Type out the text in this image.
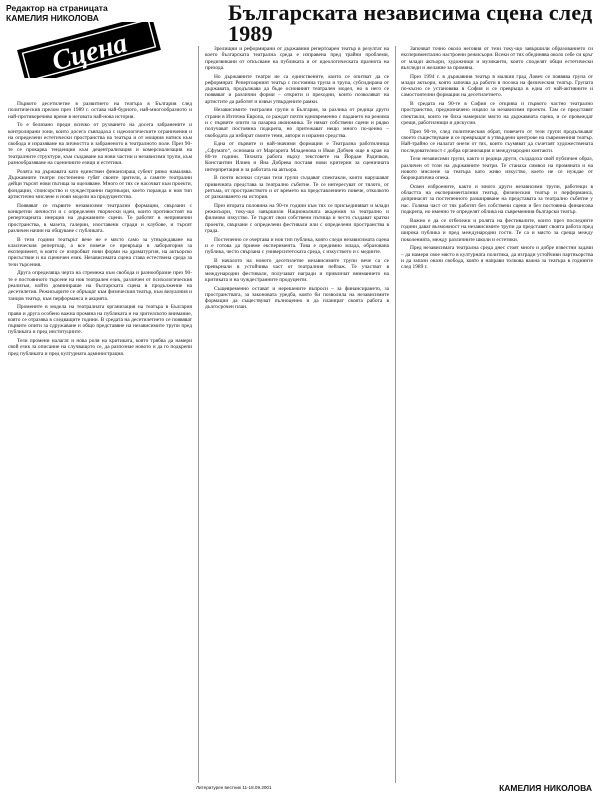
Редактор на страницата
КАМЕЛИЯ НИКОЛОВА
Сцена
Българската независима сцена след 1989

Първото десетилетие в развитието на театъра в България след политическия прелом през 1989 г. остава най-бурното, най-многообразното и най-противоречиво време в неговата най-нова история.

То е белязано преди всичко от рухването на досега забранените и контролирани зони, които досега съвпадаха с идеологическите ограничения и на определени естетически пространства на театъра и от мощния натиск към свобода и изразяване на личността и забраненото в театралното поле. През 90-те се прокарва тенденция към децентрализация и комерсиализация на театралните структури, към създаване на нови частни и независими трупи, към разнообразяване на сценичните езици и естетики.

Ролята на държавата като единствен финансиращ субект рязко намалява. Държавните театри постепенно губят своите зрители, а самите театрални дейци търсят нови пътища за оцеляване. Много от тях се насочват към проекти, фондации, спонсорство и чуждестранни партньори, което поражда и нов тип артистично мислене и нови модели на продуцентство.

Появяват се първите независими театрални формации, свързани с конкретни личности и с определени творчески идеи, които противостоят на репертоарната инерция на държавните сцени. Те работят в непривични пространства, в мазета, галерии, изоставени сгради и клубове, и търсят различен начин на общуване с публиката.

В тези години театърът вече не е място само за утвърждаване на класическия репертоар, а все повече се превръща в лаборатория за експеримент, в която се изпробват нови форми на драматургия, на актьорско присъствие и на сценичен език. Независимата сцена става естествена среда за тези търсения.

Друга определяща черта на стремежа към свобода и разнообразие през 90-те е постоянното търсене на нов театрален език, различен от психологическия реализъм, който доминираше на българската сцена в продължение на десетилетия. Режисьорите се обръщат към физическия театър, към визуалния и танцов театър, към перформанса и акцията.

Промените в модела на театралната организация на театъра в България прави и друга особено важна промяна на публиката и на зрителското внимание, която се отразява в следващите години. В средата на десетилетието се появяват първите опити за сдружаване и общо представяне на независимите трупи пред публиката и пред институциите.

Тези промени налагат и нова роля на критиката, която трябва да намери свой език за описание на случващото се, да разпознае новото и да го подкрепи пред публиката и пред културната администрация.

Зрелищни и реформирани от държавния репертоарен театър в резултат на което българската театрална среда е изправена пред трайни проблеми, предизвикани от откъсване на публиката и от идеологическата празнота на прехода.

Но държавните театри не са единствените, които се опитват да се реформират. Репертоарният театър с постоянна трупа и трупа, субсидирана от държавата, продължава да бъде основният театрален модел, но в него се появяват и различни форми – открити и преходни, които позволяват на артистите да работят и извън утвърдените рамки.

Независимите театрални групи в България, за разлика от редица други страни в Източна Европа, се раждат почти едновременно с падането на режима и с първите опити за пазарна икономика. Те нямат собствени сцени и рядко получават постоянна подкрепа, но притежават нещо много по-ценно – свободата да избират своите теми, автори и изразни средства.

Една от първите и най-значими формации е Театрална работилница „Сфумато“, основана от Маргарита Младенова и Иван Добчев още в края на 80-те години. Тяхната работа върху текстовете на Йордан Радичков, Константин Илиев и Яна Добрева поставя нови критерии за сценичната интерпретация и за работата на актьора.

В почти всички случаи тези групи създават спектакли, които нарушават привичната представа за театрално събитие. Те се интересуват от тялото, от ритъма, от пространството и от времето на представлението повече, отколкото от разказването на история.

През втората половина на 90-те години към тях се присъединяват и млади режисьори, току-що завършили Националната академия за театрално и филмово изкуство. Те търсят свои собствени пътища и често създават кратки проекти, свързани с определени фестивали или с определени пространства в града.

Постепенно се очертава и нов тип публика, която следи независимата сцена и е готова да приеме експеримента. Това е предимно млада, образована публика, често свързана с университетската среда, с изкуството и с медиите.

В началото на новото десетилетие независимите трупи вече са се превърнали в устойчива част от театралния пейзаж. Те участват в международни фестивали, получават награди и привличат вниманието на критиката и на чуждестранните продуценти.

Същевременно остават и нерешените въпроси – за финансирането, за пространствата, за законовата уредба, която би позволила на независимите формации да съществуват пълноценно и да планират своята работа в дългосрочен план.

Започват точно около неговия от тези току-що завършили образованието си експериментално настроени режисьори. Всеки от тях обединява около себе си кръг от млади актьори, художници и музиканти, които споделят общи естетически възгледи и желание за промяна.

През 1994 г. в държавния театър в малкия град Ловеч се появява група от млади актьори, която започва да работи в посока на физическия театър. Групата по-късно се установява в София и се превръща в една от най-активните и самостоятелни формации на десетилетието.

В средата на 90-те в София се открива и първото частно театрално пространство, предназначено изцяло за независими проекти. Там се представят спектакли, които не биха намерили място на държавната сцена, и се провеждат срещи, работилници и дискусии.

През 90-те, след политическия обрат, повечето от тези групи продължават своето съществуване и се превръщат в утвърдени центрове на съвременния театър. Най-трайно се налагат онези от тях, които съумяват да съчетаят художествената последователност с добра организация и международни контакти.

Тези независими групи, както и редица други, създадоха свой публичен образ, различен от този на държавните театри. Те станаха символ на промяната и на новото мислене за театъра като живо изкуство, което не се нуждае от бюрократична опека.

Освен изброените, както и много други независими трупи, работещи в областта на експерименталния театър, физическия театър и перформанса, допринасят за постепенното разширяване на представата за театрално събитие у нас. Голяма част от тях работят без собствени сцени и без постоянна финансова подкрепа, но именно те определят облика на съвременния български театър.

Важно е да се отбележи и ролята на фестивалите, които през последните години дават възможност на независимите трупи да представят своята работа пред широка публика и пред международни гости. Те са и място за среща между поколенията, между различните школи и естетики.

Пред независимата театрална среда днес стоят много и добре известни задачи – да намери свое място в културната политика, да изгради устойчиви партньорства и да запази онази свобода, която я направи толкова важна за театъра в годините след 1989 г.

Литературен вестник 11-18.09.2001	КАМЕЛИЯ НИКОЛОВА
